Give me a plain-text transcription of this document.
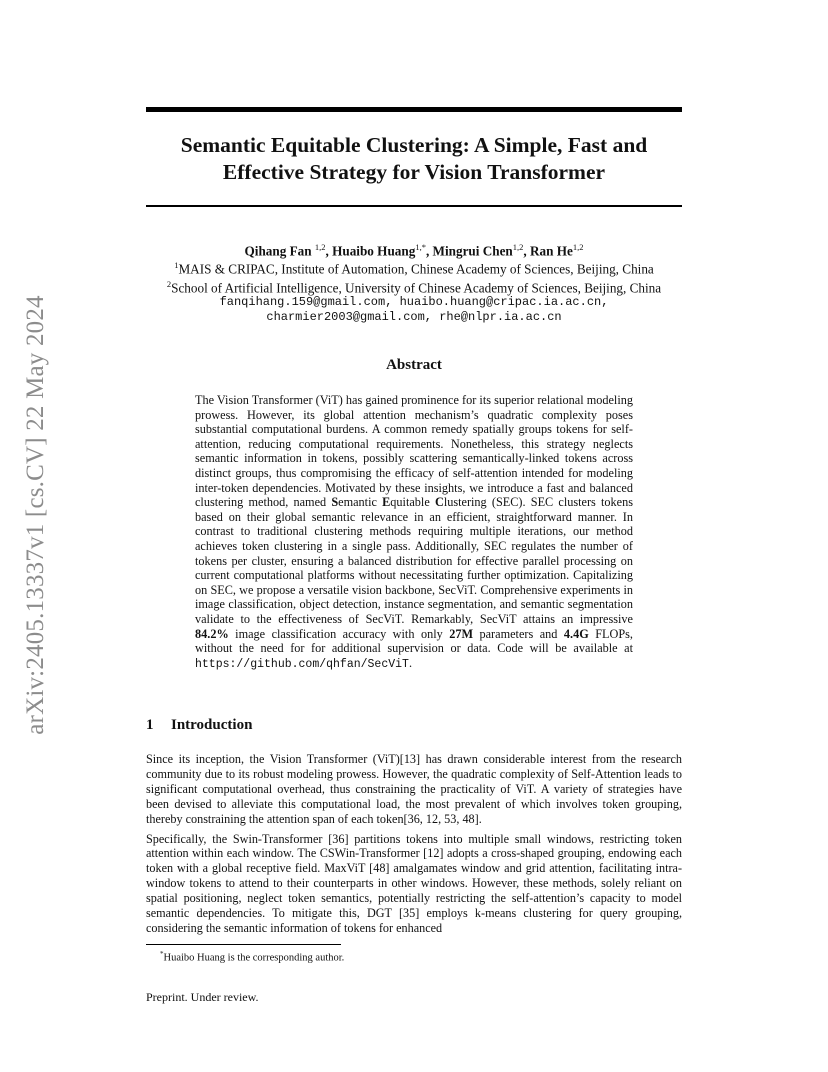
arXiv:2405.13337v1 [cs.CV] 22 May 2024
Semantic Equitable Clustering: A Simple, Fast and
Effective Strategy for Vision Transformer
Qihang Fan $^{1,2}$, Huaibo Huang$^{1,*}$, Mingrui Chen$^{1,2}$, Ran He$^{1,2}$
$^1$MAIS & CRIPAC, Institute of Automation, Chinese Academy of Sciences, Beijing, China
$^2$School of Artificial Intelligence, University of Chinese Academy of Sciences, Beijing, China
fanqihang.159@gmail.com, huaibo.huang@cripac.ia.ac.cn,
charmier2003@gmail.com, rhe@nlpr.ia.ac.cn
Abstract

The Vision Transformer (ViT) has gained prominence for its superior relational modeling prowess. However, its global attention mechanism’s quadratic complexity poses substantial computational burdens. A common remedy spatially groups tokens for self-attention, reducing computational requirements. Nonetheless, this strategy neglects semantic information in tokens, possibly scattering semantically-linked tokens across distinct groups, thus compromising the efficacy of self-attention intended for modeling inter-token dependencies. Motivated by these insights, we introduce a fast and balanced clustering method, named Semantic Equitable Clustering (SEC). SEC clusters tokens based on their global semantic relevance in an efficient, straightforward manner. In contrast to traditional clustering methods requiring multiple iterations, our method achieves token clustering in a single pass. Additionally, SEC regulates the number of tokens per cluster, ensuring a balanced distribution for effective parallel processing on current computational platforms without necessitating further optimization. Capitalizing on SEC, we propose a versatile vision backbone, SecViT. Comprehensive experiments in image classification, object detection, instance segmentation, and semantic segmentation validate to the effectiveness of SecViT. Remarkably, SecViT attains an impressive 84.2% image classification accuracy with only 27M parameters and 4.4G FLOPs, without the need for for additional supervision or data. Code will be available at https://github.com/qhfan/SecViT.

1 Introduction

Since its inception, the Vision Transformer (ViT)[13] has drawn considerable interest from the research community due to its robust modeling prowess. However, the quadratic complexity of Self-Attention leads to significant computational overhead, thus constraining the practicality of ViT. A variety of strategies have been devised to alleviate this computational load, the most prevalent of which involves token grouping, thereby constraining the attention span of each token[36, 12, 53, 48].

Specifically, the Swin-Transformer [36] partitions tokens into multiple small windows, restricting token attention within each window. The CSWin-Transformer [12] adopts a cross-shaped grouping, endowing each token with a global receptive field. MaxViT [48] amalgamates window and grid attention, facilitating intra-window tokens to attend to their counterparts in other windows. However, these methods, solely reliant on spatial positioning, neglect token semantics, potentially restricting the self-attention’s capacity to model semantic dependencies. To mitigate this, DGT [35] employs k-means clustering for query grouping, considering the semantic information of tokens for enhanced

*Huaibo Huang is the corresponding author.
Preprint. Under review.
